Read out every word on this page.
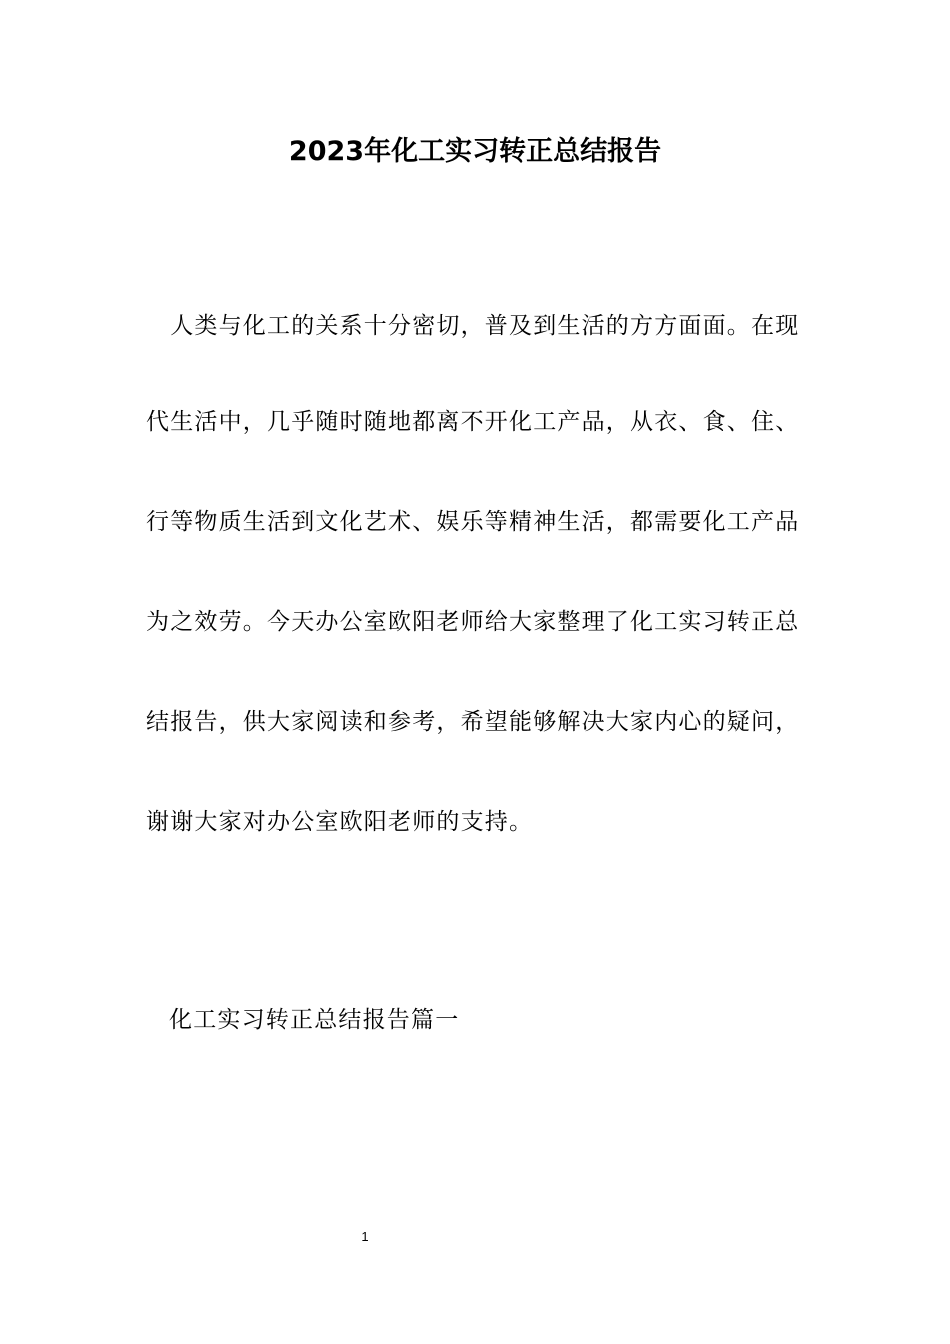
2023年化工实习转正总结报告
　人类与化工的关系十分密切，普及到生活的方方面面。在现
代生活中，几乎随时随地都离不开化工产品，从衣、食、住、
行等物质生活到文化艺术、娱乐等精神生活，都需要化工产品
为之效劳。今天办公室欧阳老师给大家整理了化工实习转正总
结报告，供大家阅读和参考，希望能够解决大家内心的疑问，
谢谢大家对办公室欧阳老师的支持。
化工实习转正总结报告篇一
1
